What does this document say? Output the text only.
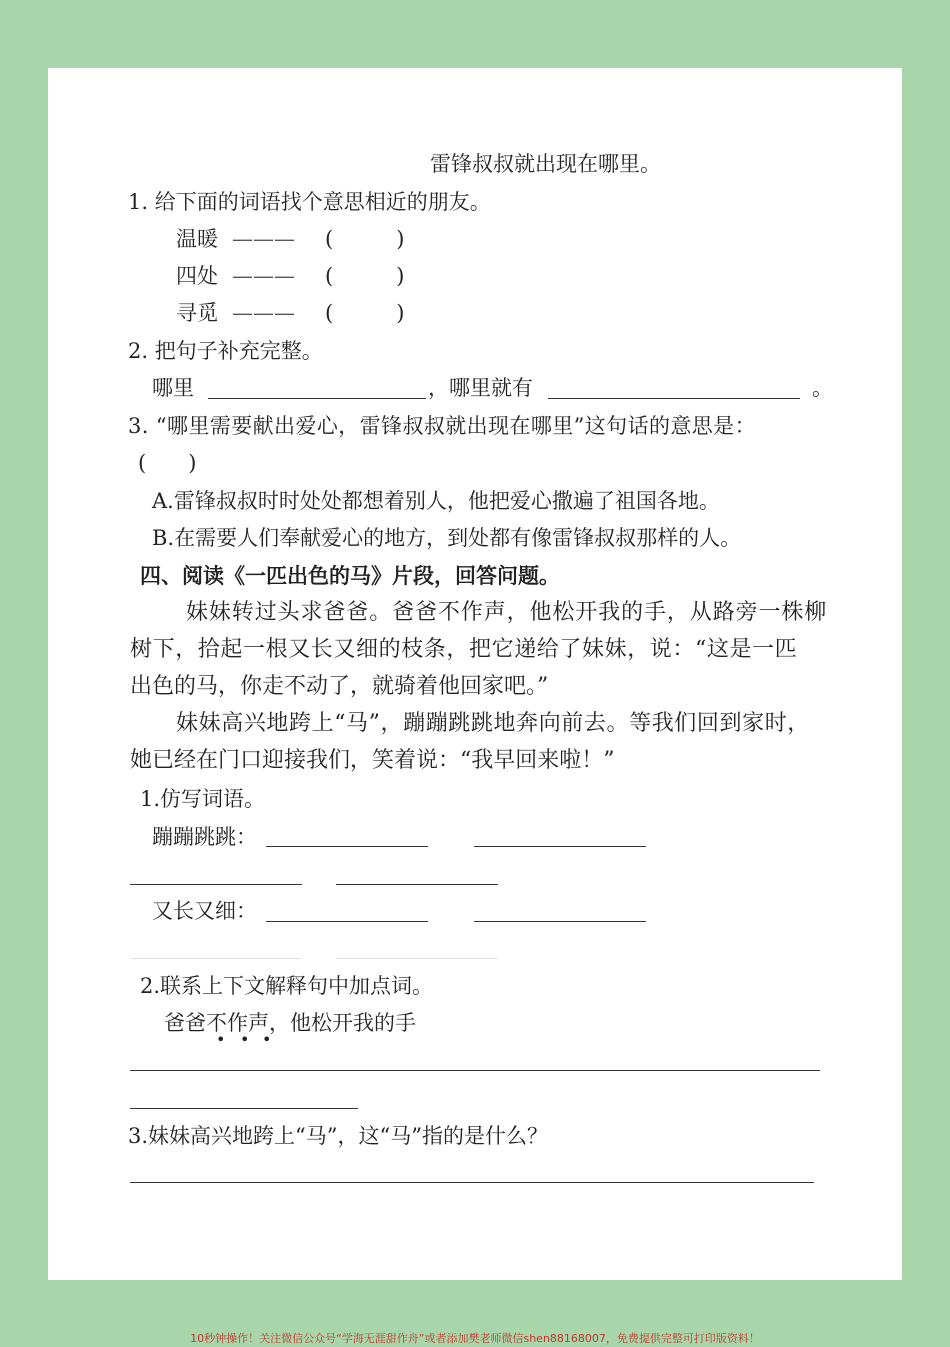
雷锋叔叔就出现在哪里。
1. 给下面的词语找个意思相近的朋友。
温暖 ——— (　　　)
四处 ——— (　　　)
寻觅 ——— (　　　)
2. 把句子补充完整。
哪里	，哪里就有	。
3. “哪里需要献出爱心，雷锋叔叔就出现在哪里”这句话的意思是：
(　　)
A.雷锋叔叔时时处处都想着别人，他把爱心撒遍了祖国各地。
B.在需要人们奉献爱心的地方，到处都有像雷锋叔叔那样的人。
四、阅读《一匹出色的马》片段，回答问题。
妹妹转过头求爸爸。爸爸不作声，他松开我的手，从路旁一株柳
树下，拾起一根又长又细的枝条，把它递给了妹妹，说：“这是一匹
出色的马，你走不动了，就骑着他回家吧。”
妹妹高兴地跨上“马”，蹦蹦跳跳地奔向前去。等我们回到家时，
她已经在门口迎接我们，笑着说：“我早回来啦！”
1.仿写词语。
蹦蹦跳跳：
又长又细：
2.联系上下文解释句中加点词。
爸爸不作声，他松开我的手
• • •
3.妹妹高兴地跨上“马”，这“马”指的是什么？
10秒钟操作！关注微信公众号“学海无涯甜作舟”或者添加樊老师微信shen88168007，免费提供完整可打印版资料！
